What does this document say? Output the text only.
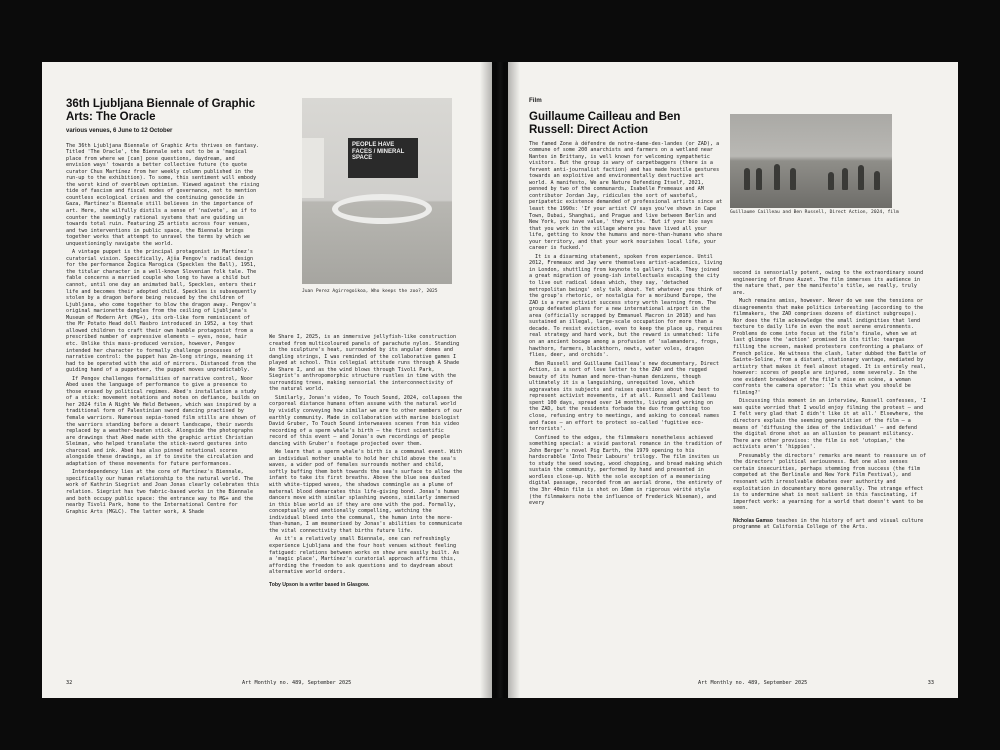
36th Ljubljana Biennale of Graphic Arts: The Oracle
various venues, 6 June to 12 October

The 36th Ljubljana Biennale of Graphic Arts thrives on fantasy. Titled 'The Oracle', the Biennale sets out to be a 'magical place from where we [can] pose questions, daydream, and envision ways' towards a better collective future (to quote curator Chus Martínez from her weekly column published in the run-up to the exhibition). To some, this sentiment will embody the worst kind of overblown optimism. Viewed against the rising tide of fascism and fiscal modes of governance, not to mention countless ecological crises and the continuing genocide in Gaza, Martínez's Biennale still believes in the importance of art. Here, she wilfully distils a sense of 'naïvete', as if to counter the seemingly rational systems that are guiding us towards total ruin. Featuring 25 artists across four venues, and two interventions in public space, the Biennale brings together works that attempt to unravel the terms by which we unquestioningly navigate the world.

A vintage puppet is the principal protagonist in Martínez's curatorial vision. Specifically, Ajša Pengov's radical design for the performance Žogica Marogica (Speckles the Ball), 1951, the titular character in a well-known Slovenian folk tale. The fable concerns a married couple who long to have a child but cannot, until one day an animated ball, Speckles, enters their life and becomes their adopted child. Speckles is subsequently stolen by a dragon before being rescued by the children of Ljubljana, who come together to blow the dragon away. Pengov's original marionette dangles from the ceiling of Ljubljana's Museum of Modern Art (MG+), its orb-like form reminiscent of the Mr Potato Head doll Hasbro introduced in 1952, a toy that allowed children to craft their own humble protagonist from a prescribed number of expressive elements – eyes, nose, hair etc. Unlike this mass-produced version, however, Pengov intended her character to formally challenge processes of narrative control: the puppet has 2m-long strings, meaning it had to be operated with the aid of mirrors. Distanced from the guiding hand of a puppeteer, the puppet moves unpredictably.

If Pengov challenges formalities of narrative control, Noor Abed uses the language of performance to give a presence to those erased by political regimes. Abed's installation a study of a stick: movement notations and notes on defiance, builds on her 2024 film A Night We Held Between, which was inspired by a traditional form of Palestinian sword dancing practised by female warriors. Numerous sepia-toned film stills are shown of the warriors standing before a desert landscape, their swords replaced by a weather-beaten stick. Alongside the photographs are drawings that Abed made with the graphic artist Christian Sleiman, who helped translate the stick-sword gestures into charcoal and ink. Abed has also pinned notational scores alongside these drawings, as if to invite the circulation and adaptation of these movements for future performances.

Interdependency lies at the core of Martínez's Biennale, specifically our human relationship to the natural world. The work of Kathrin Siegrist and Joan Jonas clearly celebrates this relation. Siegrist has two fabric-based works in the Biennale and both occupy public space: the entrance way to MG+ and the nearby Tivoli Park, home to the International Centre for Graphic Arts (MGLC). The latter work, A Shade

PEOPLE HAVE FACES / MINERAL SPACE
Juan Perez Agirregoikoa, Who keeps the zoo?, 2025

We Share I, 2025, is an immersive jellyfish-like construction created from multicoloured panels of parachute nylon. Standing in the sculpture's heat, surrounded by its angular domes and dangling strings, I was reminded of the collaborative games I played at school. This collegial attitude runs through A Shade We Share I, and as the wind blows through Tivoli Park, Siegrist's anthropomorphic structure rustles in time with the surrounding trees, making sensorial the interconnectivity of the natural world.

Similarly, Jonas's video, To Touch Sound, 2024, collapses the corporeal distance humans often assume with the natural world by vividly conveying how similar we are to other members of our earthly community. Made in collaboration with marine biologist David Gruber, To Touch Sound interweaves scenes from his video recording of a sperm whale's birth – the first scientific record of this event – and Jonas's own recordings of people dancing with Gruber's footage projected over them.

We learn that a sperm whale's birth is a communal event. With an individual mother unable to hold her child above the sea's waves, a wider pod of females surrounds mother and child, softly buffing them both towards the sea's surface to allow the infant to take its first breaths. Above the blue sea dusted with white-tipped waves, the shadows commingle as a plume of maternal blood demarcates this life-giving bond. Jonas's human dancers move with similar splashing swoons, similarly immersed in this blue world as if they are one with the pod. Formally, conceptually and emotionally compelling, watching the individual bleed into the communal, the human into the more-than-human, I am mesmerised by Jonas's abilities to communicate the vital connectivity that births future life.

As it's a relatively small Biennale, one can refreshingly experience Ljubljana and the four host venues without feeling fatigued: relations between works on show are easily built. As a 'magic place', Martínez's curatorial approach affirms this, affording the freedom to ask questions and to daydream about alternative world orders.

Toby Upson is a writer based in Glasgow.

32	Art Monthly no. 489, September 2025
Film
Guillaume Cailleau and Ben Russell: Direct Action

The famed Zone à défendre de notre-dame-des-landes (or ZAD), a commune of some 200 anarchists and farmers on a wetland near Nantes in Brittany, is well known for welcoming sympathetic visitors. But the group is wary of carpetbaggers (there is a fervent anti-journalist faction) and has made hostile gestures towards an exploitive and environmentally destructive art world. A manifesto, We are Nature Defending Itself, 2021, penned by two of the communards, Isabelle Fremeaux and AM contributor Jordan Jay, ridicules the sort of wasteful, peripatetic existence demanded of professional artists since at least the 1990s: 'If your artist CV says you've shown in Cape Town, Dubai, Shanghai, and Prague and live between Berlin and New York, you have value,' they write. 'But if your bio says that you work in the village where you have lived all your life, getting to know the humans and more-than-humans who share your territory, and that your work nourishes local life, your career is fucked.'

It is a disarming statement, spoken from experience. Until 2012, Fremeaux and Jay were themselves artist-academics, living in London, shuttling from keynote to gallery talk. They joined a great migration of young-ish intellectuals escaping the city to live out radical ideas which, they say, 'detached metropolitan beings' only talk about. Yet whatever you think of the group's rhetoric, or nostalgia for a moribund Europe, the ZAD is a rare activist success story worth learning from. The group defeated plans for a new international airport in the area (officially scrapped by Emmanuel Macron in 2018) and has sustained an illegal, large-scale occupation for more than a decade. To resist eviction, even to keep the place up, requires real strategy and hard work, but the reward is unmatched: life on an ancient bocage among a profusion of 'salamanders, frogs, hawthorn, farmers, blackthorn, newts, water voles, dragon flies, deer, and orchids'.

Ben Russell and Guillaume Cailleau's new documentary, Direct Action, is a sort of love letter to the ZAD and the rugged beauty of its human and more-than-human denizens, though ultimately it is a languishing, unrequited love, which aggravates its subjects and raises questions about how best to represent activist movements, if at all. Russell and Cailleau spent 100 days, spread over 14 months, living and working on the ZAD, but the residents forbade the duo from getting too close, refusing entry to meetings, and asking to conceal names and faces – an effort to protect so-called 'fugitive eco-terrorists'.

Confined to the edges, the filmmakers nonetheless achieved something special: a vivid pastoral romance in the tradition of John Berger's novel Pig Earth, the 1979 opening to his hardscrabble 'Into Their Labours' trilogy. The film invites us to study the seed sowing, wood chopping, and bread making which sustain the community, performed by hand and presented in wordless close-up. With the sole exception of a mesmerising digital passage, recorded from an aerial drone, the entirety of the 3hr 40min film is shot on 16mm in rigorous vérité style (the filmmakers note the influence of Frederick Wiseman), and every

Guillaume Cailleau and Ben Russell, Direct Action, 2024, film

second is sensorially potent, owing to the extraordinary sound engineering of Bruno Auzet. The film immerses its audience in the nature that, per the manifesto's title, we really, truly are.

Much remains amiss, however. Never do we see the tensions or disagreements that make politics interesting (according to the filmmakers, the ZAD comprises dozens of distinct subgroups). Nor does the film acknowledge the small indignities that lend texture to daily life in even the most serene environments. Problems do come into focus at the film's finale, when we at last glimpse the 'action' promised in its title: teargas filling the screen, masked protesters confronting a phalanx of French police. We witness the clash, later dubbed the Battle of Sainte-Soline, from a distant, stationary vantage, mediated by artistry that makes it feel almost staged. It is entirely real, however: scores of people are injured, some severely. In the one evident breakdown of the film's mise en scène, a woman confronts the camera operator: 'Is this what you should be filming?'

Discussing this moment in an interview, Russell confesses, 'I was quite worried that I would enjoy filming the protest – and I felt very glad that I didn't like it at all.' Elsewhere, the directors explain the seeming generalities of the film – a means of 'diffusing the idea of the individual' – and defend the digital drone shot as an allusion to peasant militancy. There are other provisos: the film is not 'utopian,' the activists aren't 'hippies'.

Presumably the directors' remarks are meant to reassure us of the directors' political seriousness. But one also senses certain insecurities, perhaps stemming from success (the film competed at the Berlinale and New York Film Festival), and resonant with irresolvable debates over authority and exploitation in documentary more generally. The strange effect is to undermine what is most salient in this fascinating, if imperfect work: a yearning for a world that doesn't want to be seen.

Nicholas Gamso teaches in the history of art and visual culture programme at California College of the Arts.

Art Monthly no. 489, September 2025	33
